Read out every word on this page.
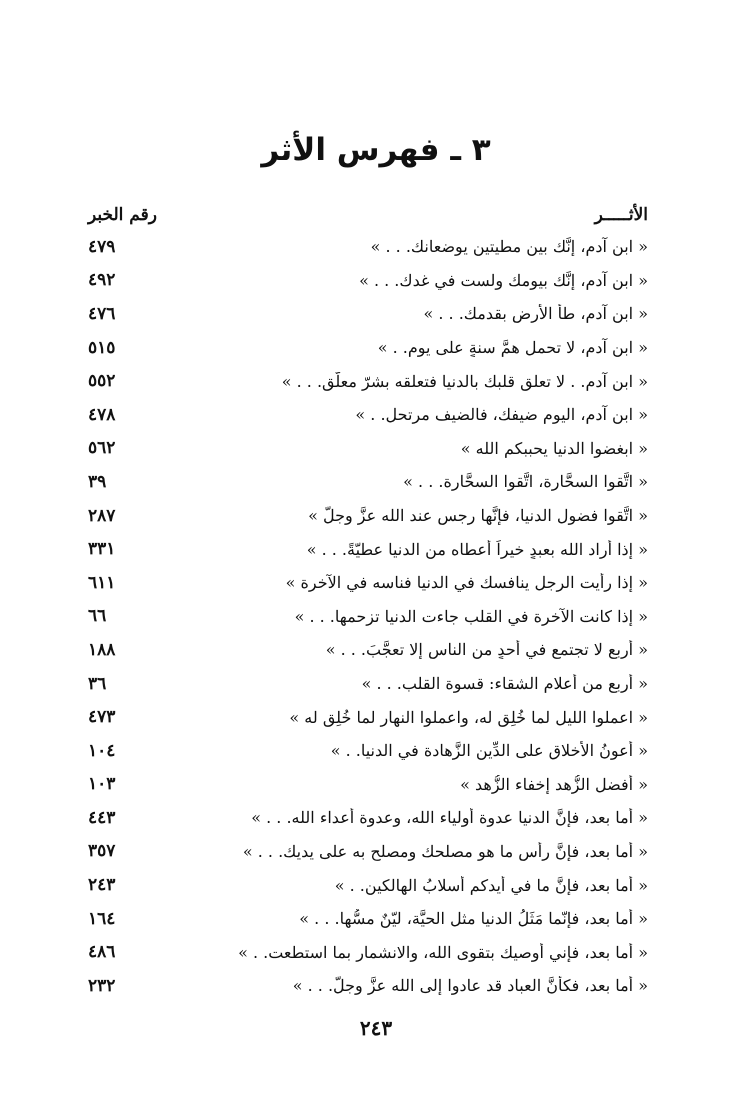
٣ ـ فهرس الأثر
الأثـــــر
رقم الخبر
« ابن آدم، إنَّك بين مطيتين يوضعانك. . . »
٤٧٩
« ابن آدم، إنَّك بيومك ولست في غدك. . . »
٤٩٢
« ابن آدم، طأ الأرض بقدمك. . . »
٤٧٦
« ابن آدم، لا تحمل همَّ سنةٍ على يوم. . »
٥١٥
« ابن آدم. . لا تعلق قلبك بالدنيا فتعلقه بشرّ معلّق. . . »
٥٥٢
« ابن آدم، اليوم ضيفك، فالضيف مرتحل. . »
٤٧٨
« ابغضوا الدنيا يحببكم الله »
٥٦٢
« اتَّقوا السحَّارة، اتَّقوا السحَّارة. . . »
٣٩
« اتَّقوا فضول الدنيا، فإنَّها رجس عند الله عزَّ وجلَّ »
٢٨٧
« إذا أراد الله بعبدٍ خيراً أعطاه من الدنيا عطيّةً. . . »
٣٣١
« إذا رأيت الرجل ينافسك في الدنيا فناسه في الآخرة »
٦١١
« إذا كانت الآخرة في القلب جاءت الدنيا تزحمها. . . »
٦٦
« أربع لا تجتمع في أحدٍ من الناس إلا تعجَّبَ. . . »
١٨٨
« أربع من أعلام الشقاء: قسوة القلب. . . »
٣٦
« اعملوا الليل لما خُلِق له، واعملوا النهار لما خُلِق له »
٤٧٣
« أعونُ الأخلاق على الدِّين الزَّهادة في الدنيا. . »
١٠٤
« أفضل الزُّهد إخفاء الزُّهد »
١٠٣
« أما بعد، فإنَّ الدنيا عدوة أولياء الله، وعدوة أعداء الله. . . »
٤٤٣
« أما بعد، فإنَّ رأس ما هو مصلحك ومصلح به على يديك. . . »
٣٥٧
« أما بعد، فإنَّ ما في أيدكم أسلابُ الهالكين. . »
٢٤٣
« أما بعد، فإنّما مَثَلُ الدنيا مثل الحيَّة، ليّنٌ مسُّها. . . »
١٦٤
« أما بعد، فإني أوصيك بتقوى الله، والانشمار بما استطعت. . »
٤٨٦
« أما بعد، فكأنَّ العباد قد عادوا إلى الله عزَّ وجلَّ. . . »
٢٣٢
٢٤٣
